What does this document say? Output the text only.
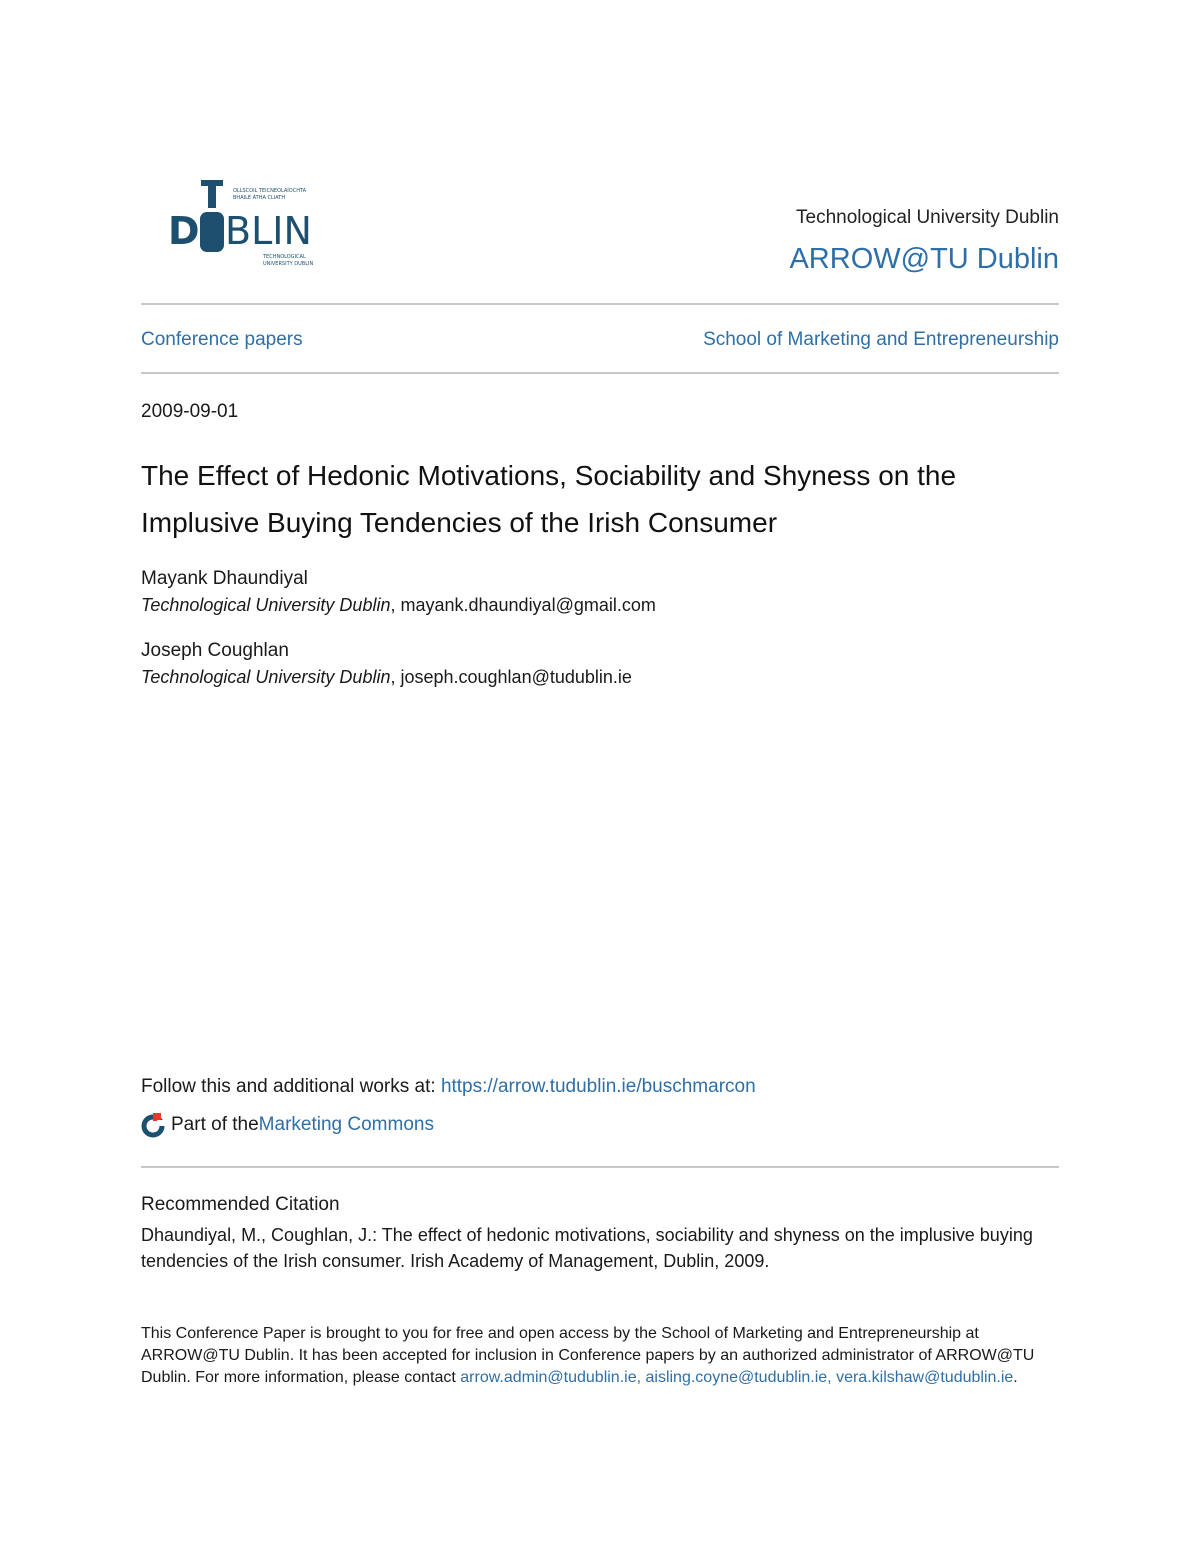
D BLIN
OLLSCOIL TEICNEOLAÍOCHTA
BHAILE ÁTHA CLIATH
TECHNOLOGICAL
UNIVERSITY DUBLIN
Technological University Dublin
ARROW@TU Dublin
Conference papers	School of Marketing and Entrepreneurship
2009-09-01
The Effect of Hedonic Motivations, Sociability and Shyness on the Implusive Buying Tendencies of the Irish Consumer
Mayank Dhaundiyal
Technological University Dublin, mayank.dhaundiyal@gmail.com
Joseph Coughlan
Technological University Dublin, joseph.coughlan@tudublin.ie
Follow this and additional works at: https://arrow.tudublin.ie/buschmarcon
Part of the Marketing Commons
Recommended Citation
Dhaundiyal, M., Coughlan, J.: The effect of hedonic motivations, sociability and shyness on the implusive buying tendencies of the Irish consumer. Irish Academy of Management, Dublin, 2009.
This Conference Paper is brought to you for free and open access by the School of Marketing and Entrepreneurship at ARROW@TU Dublin. It has been accepted for inclusion in Conference papers by an authorized administrator of ARROW@TU Dublin. For more information, please contact arrow.admin@tudublin.ie, aisling.coyne@tudublin.ie, vera.kilshaw@tudublin.ie.
